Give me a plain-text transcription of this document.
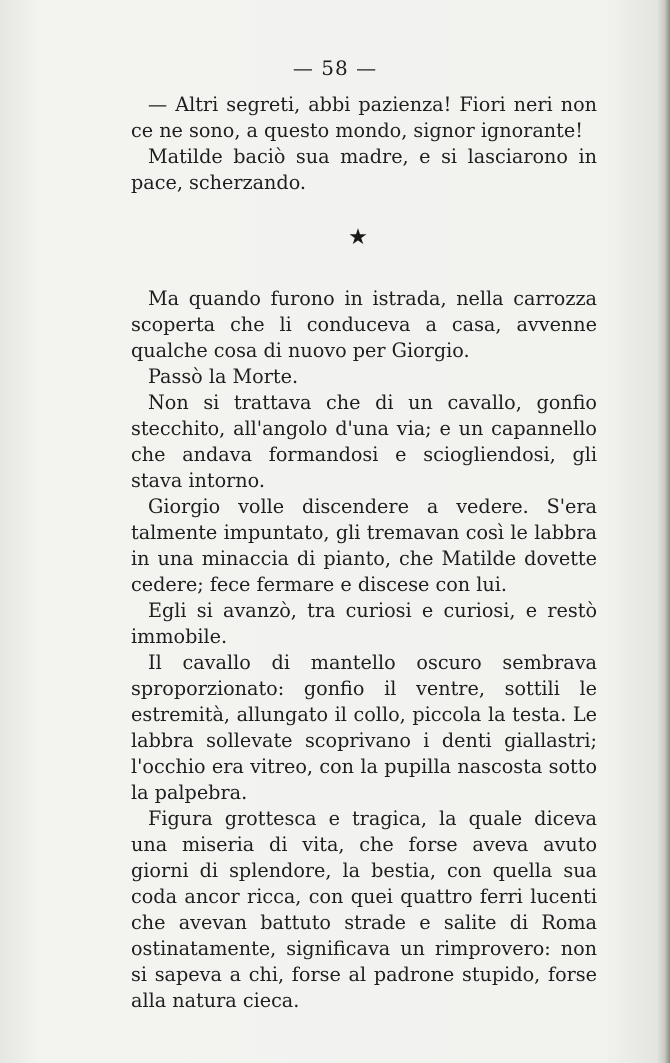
— 58 —

— Altri segreti, abbi pazienza! Fiori neri non ce ne sono, a questo mondo, signor ignorante!

Matilde baciò sua madre, e si lasciarono in pace, scherzando.

★

Ma quando furono in istrada, nella carrozza scoperta che li conduceva a casa, avvenne qualche cosa di nuovo per Giorgio.

Passò la Morte.

Non si trattava che di un cavallo, gonfio stecchito, all'angolo d'una via; e un capannello che andava formandosi e sciogliendosi, gli stava intorno.

Giorgio volle discendere a vedere. S'era talmente impuntato, gli tremavan così le labbra in una minaccia di pianto, che Matilde dovette cedere; fece fermare e discese con lui.

Egli si avanzò, tra curiosi e curiosi, e restò immobile.

Il cavallo di mantello oscuro sembrava sproporzionato: gonfio il ventre, sottili le estremità, allungato il collo, piccola la testa. Le labbra sollevate scoprivano i denti giallastri; l'occhio era vitreo, con la pupilla nascosta sotto la palpebra.

Figura grottesca e tragica, la quale diceva una miseria di vita, che forse aveva avuto giorni di splendore, la bestia, con quella sua coda ancor ricca, con quei quattro ferri lucenti che avevan battuto strade e salite di Roma ostinatamente, significava un rimprovero: non si sapeva a chi, forse al padrone stupido, forse alla natura cieca.
